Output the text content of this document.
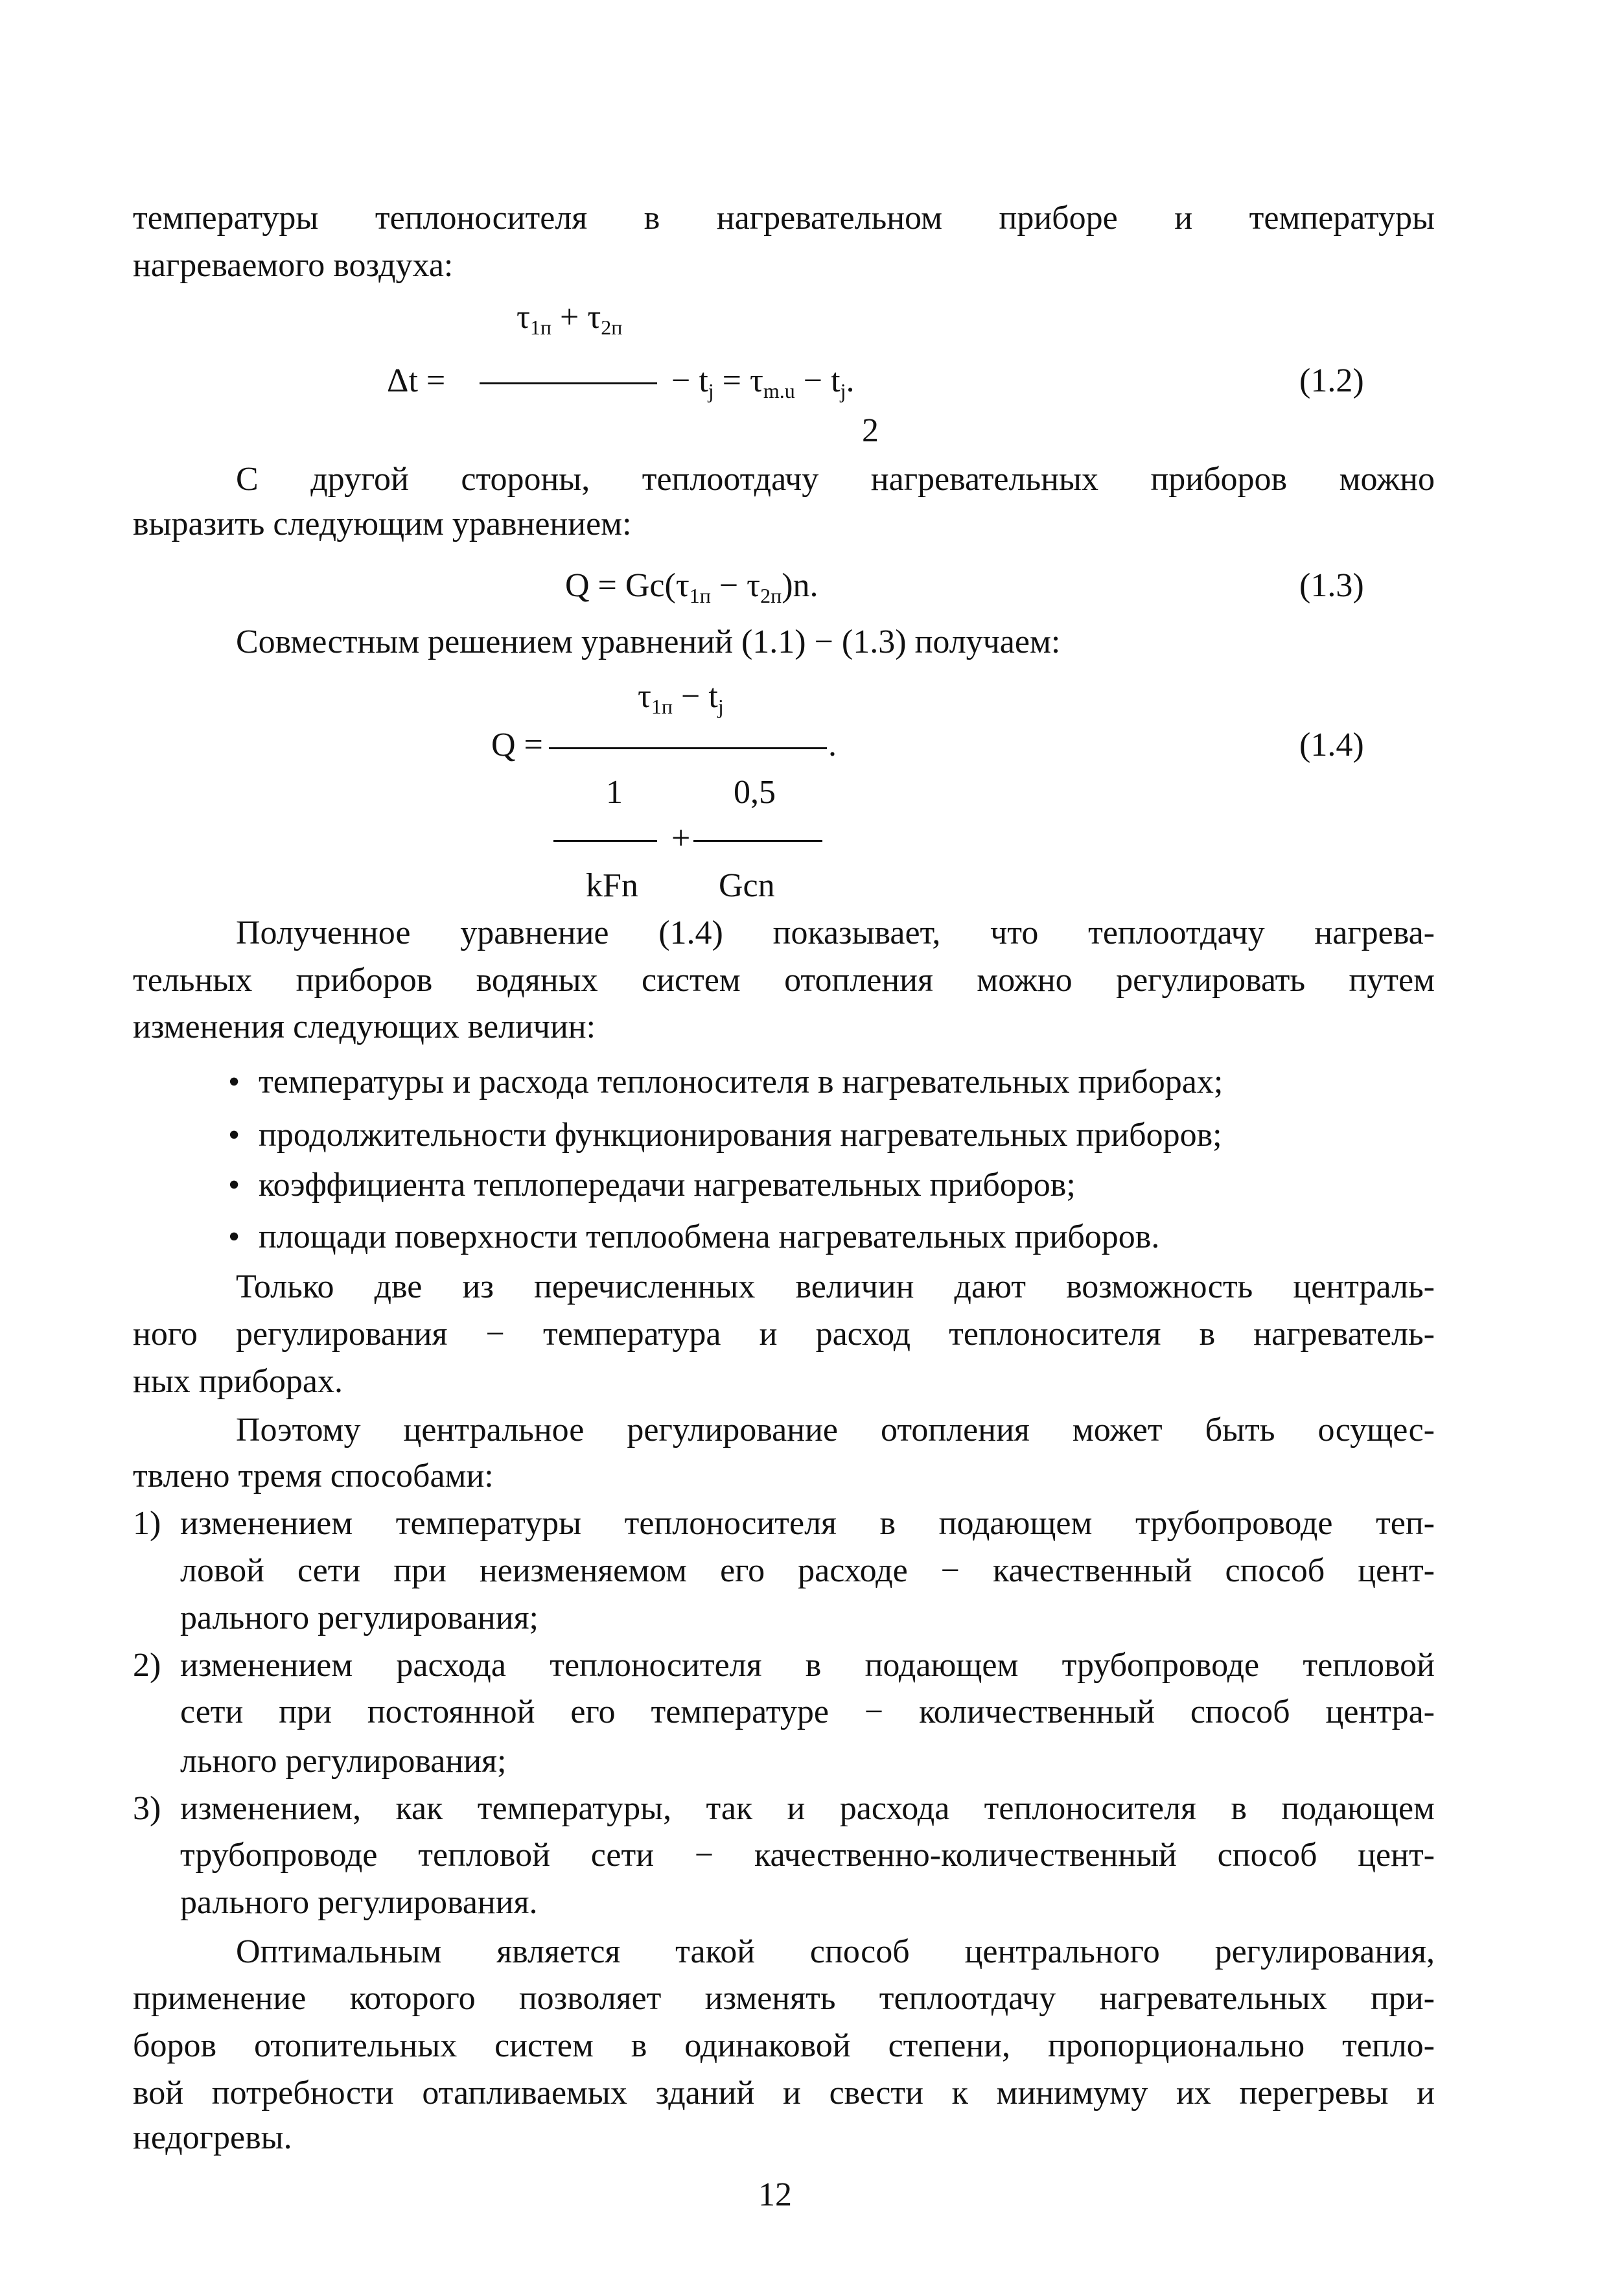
температуры теплоносителя в нагревательном приборе и температуры
нагреваемого воздуха:
τ1п + τ2п
Δt =	− tj = τm.u − tj.
2
(1.2)
С другой стороны, теплоотдачу нагревательных приборов можно
выразить следующим уравнением:
Q = Gc(τ1п − τ2п)n.	(1.3)
Совместным решением уравнений (1.1) − (1.3) получаем:
τ1п − tj
Q =	.
1	0,5
+
kFn Gcn
(1.4)
Полученное уравнение (1.4) показывает, что теплоотдачу нагрева-
тельных приборов водяных систем отопления можно регулировать путем
изменения следующих величин:
• температуры и расхода теплоносителя в нагревательных приборах;
• продолжительности функционирования нагревательных приборов;
• коэффициента теплопередачи нагревательных приборов;
• площади поверхности теплообмена нагревательных приборов.
Только две из перечисленных величин дают возможность централь-
ного регулирования − температура и расход теплоносителя в нагреватель-
ных приборах.
Поэтому центральное регулирование отопления может быть осущес-
твлено тремя способами:
1) изменением температуры теплоносителя в подающем трубопроводе теп-
ловой сети при неизменяемом его расходе − качественный способ цент-
рального регулирования;
2) изменением расхода теплоносителя в подающем трубопроводе тепловой
сети при постоянной его температуре − количественный способ центра-
льного регулирования;
3) изменением, как температуры, так и расхода теплоносителя в подающем
трубопроводе тепловой сети − качественно-количественный способ цент-
рального регулирования.
Оптимальным является такой способ центрального регулирования,
применение которого позволяет изменять теплоотдачу нагревательных при-
боров отопительных систем в одинаковой степени, пропорционально тепло-
вой потребности отапливаемых зданий и свести к минимуму их перегревы и
недогревы.
12
